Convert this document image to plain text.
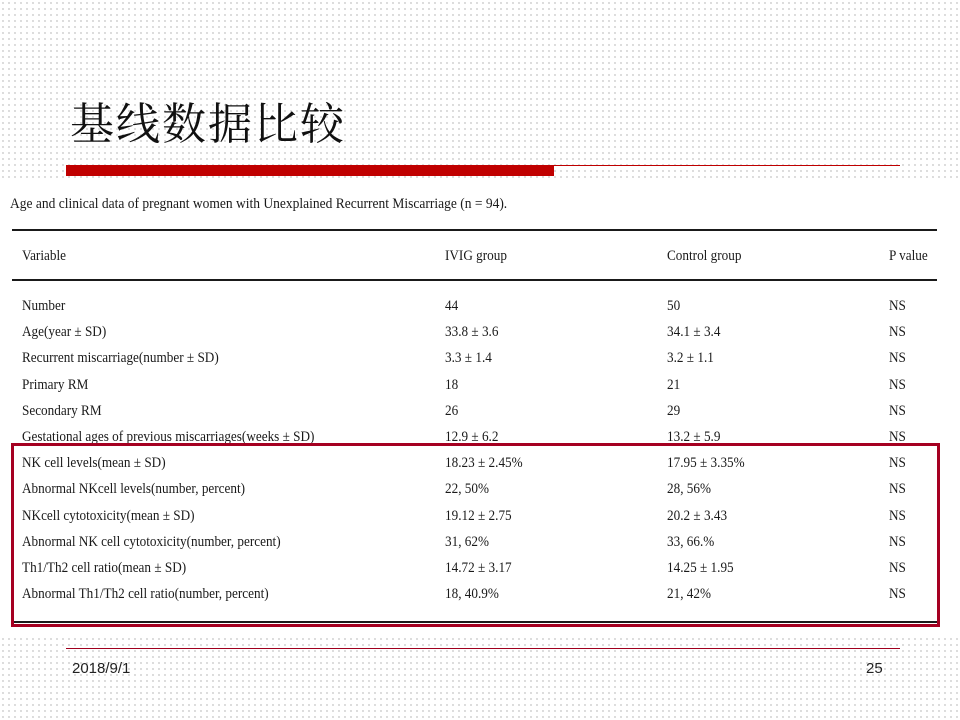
基线数据比较
Age and clinical data of pregnant women with Unexplained Recurrent Miscarriage (n = 94).
Variable	IVIG group	Control group	P value
Number	44	50	NS
Age(year ± SD)	33.8 ± 3.6	34.1 ± 3.4	NS
Recurrent miscarriage(number ± SD)	3.3 ± 1.4	3.2 ± 1.1	NS
Primary RM	18	21	NS
Secondary RM	26	29	NS
Gestational ages of previous miscarriages(weeks ± SD)	12.9 ± 6.2	13.2 ± 5.9	NS
NK cell levels(mean ± SD)	18.23 ± 2.45%	17.95 ± 3.35%	NS
Abnormal NKcell levels(number, percent)	22, 50%	28, 56%	NS
NKcell cytotoxicity(mean ± SD)	19.12 ± 2.75	20.2 ± 3.43	NS
Abnormal NK cell cytotoxicity(number, percent)	31, 62%	33, 66.%	NS
Th1/Th2 cell ratio(mean ± SD)	14.72 ± 3.17	14.25 ± 1.95	NS
Abnormal Th1/Th2 cell ratio(number, percent)	18, 40.9%	21, 42%	NS
2018/9/1	25
